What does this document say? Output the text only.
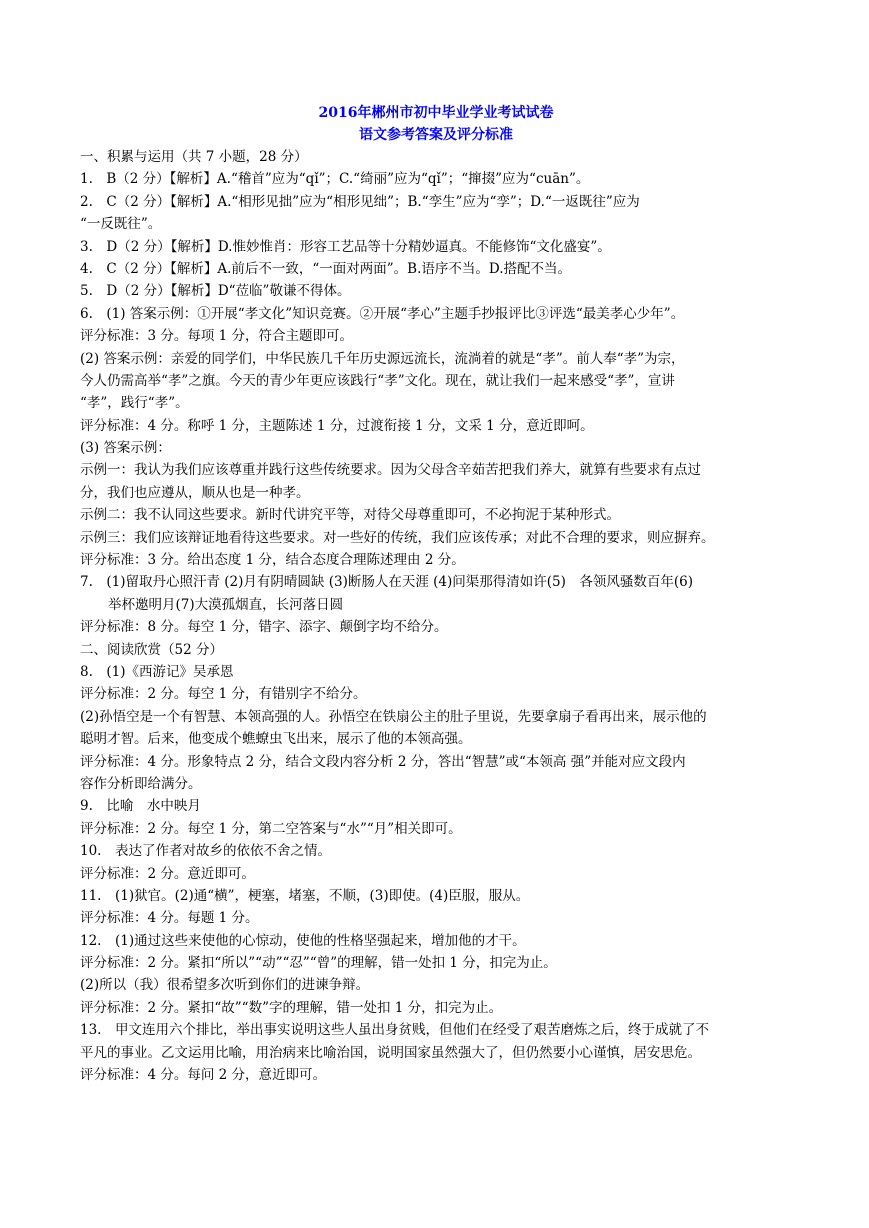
2016年郴州市初中毕业学业考试试卷
语文参考答案及评分标准
一、积累与运用（共 7 小题，28 分）
1.　B（2 分）【解析】A.“稽首”应为“qǐ”；C.“绮丽”应为“qǐ”；“撺掇”应为“cuān”。
2.　C（2 分）【解析】A.“相形见拙”应为“相形见绌”；B.“孪生”应为“孪”；D.“一返既往”应为
“一反既往”。
3.　D（2 分）【解析】D.惟妙惟肖：形容工艺品等十分精妙逼真。不能修饰“文化盛宴”。
4.　C（2 分）【解析】A.前后不一致，“一面对两面”。B.语序不当。D.搭配不当。
5.　D（2 分）【解析】D“莅临”敬谦不得体。
6.　(1) 答案示例：①开展“孝文化”知识竞赛。②开展“孝心”主题手抄报评比③评选“最美孝心少年”。
评分标准：3 分。每项 1 分，符合主题即可。
(2) 答案示例：亲爱的同学们，中华民族几千年历史源远流长，流淌着的就是“孝”。前人奉“孝”为宗，
今人仍需高举“孝”之旗。今天的青少年更应该践行“孝”文化。现在，就让我们一起来感受“孝”，宣讲
“孝”，践行“孝”。
评分标准：4 分。称呼 1 分，主题陈述 1 分，过渡衔接 1 分，文采 1 分，意近即呵。
(3) 答案示例：
示例一：我认为我们应该尊重并践行这些传统要求。因为父母含辛茹苦把我们养大，就算有些要求有点过
分，我们也应遵从，顺从也是一种孝。
示例二：我不认同这些要求。新时代讲究平等，对待父母尊重即可，不必拘泥于某种形式。
示例三：我们应该辩证地看待这些要求。对一些好的传统，我们应该传承；对此不合理的要求，则应摒弃。
评分标准：3 分。给出态度 1 分，结合态度合理陈述理由 2 分。
7.　(1)留取丹心照汗青 (2)月有阴晴圆缺 (3)断肠人在天涯 (4)问渠那得清如许(5)　各领风骚数百年(6)
举杯邀明月(7)大漠孤烟直，长河落日圆
评分标准：8 分。每空 1 分，错字、添字、颠倒字均不给分。
二、阅读欣赏（52 分）
8.　(1)《西游记》吴承恩
评分标准：2 分。每空 1 分，有错别字不给分。
(2)孙悟空是一个有智慧、本领高强的人。孙悟空在铁扇公主的肚子里说，先要拿扇子看再出来，展示他的
聪明才智。后来，他变成个蟭蟟虫飞出来，展示了他的本领高强。
评分标准：4 分。形象特点 2 分，结合文段内容分析 2 分，答出“智慧”或“本领高 强”并能对应文段内
容作分析即给满分。
9.　比喻　水中映月
评分标准：2 分。每空 1 分，第二空答案与“水”“月”相关即可。
10.　表达了作者对故乡的依依不舍之情。
评分标准：2 分。意近即可。
11.　(1)狱官。(2)通“横”，梗塞，堵塞，不顺，(3)即使。(4)臣服，服从。
评分标准：4 分。每题 1 分。
12.　(1)通过这些来使他的心惊动，使他的性格坚强起来，增加他的才干。
评分标准：2 分。紧扣“所以”“动”“忍”“曾”的理解，错一处扣 1 分，扣完为止。
(2)所以（我）很希望多次听到你们的进谏争辩。
评分标准：2 分。紧扣“故”“数”字的理解，错一处扣 1 分，扣完为止。
13.　甲文连用六个排比，举出事实说明这些人虽出身贫贱，但他们在经受了艰苦磨炼之后，终于成就了不
平凡的事业。乙文运用比喻，用治病来比喻治国，说明国家虽然强大了，但仍然要小心谨慎，居安思危。
评分标准：4 分。每问 2 分，意近即可。
